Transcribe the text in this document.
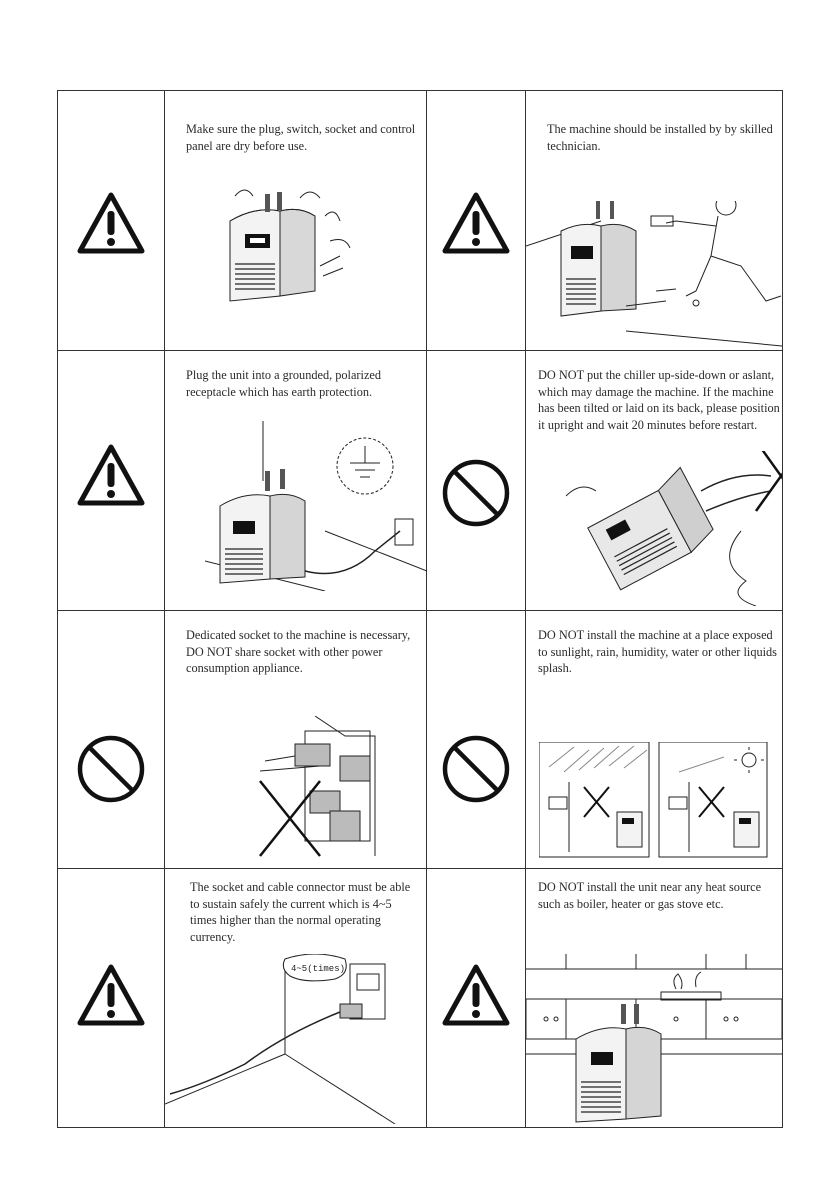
Make sure the plug, switch, socket and control
panel are dry before use.
The machine should be installed by by skilled
technician.
Plug the unit into a grounded, polarized
receptacle which has earth protection.
DO NOT put the chiller up-side-down or aslant,
which may damage the machine. If the machine
has been tilted or laid on its back, please position
it upright and wait 20 minutes before restart.
Dedicated socket to the machine is necessary,
DO NOT share socket with other power
consumption appliance.
DO NOT install the machine at a place exposed
to sunlight, rain, humidity, water or other liquids
splash.
The socket and cable connector must be able
to sustain safely the current which is 4~5
times higher than the normal operating
currency.
4~5(times)
DO NOT install the unit near any heat source
such as boiler, heater or gas stove etc.
